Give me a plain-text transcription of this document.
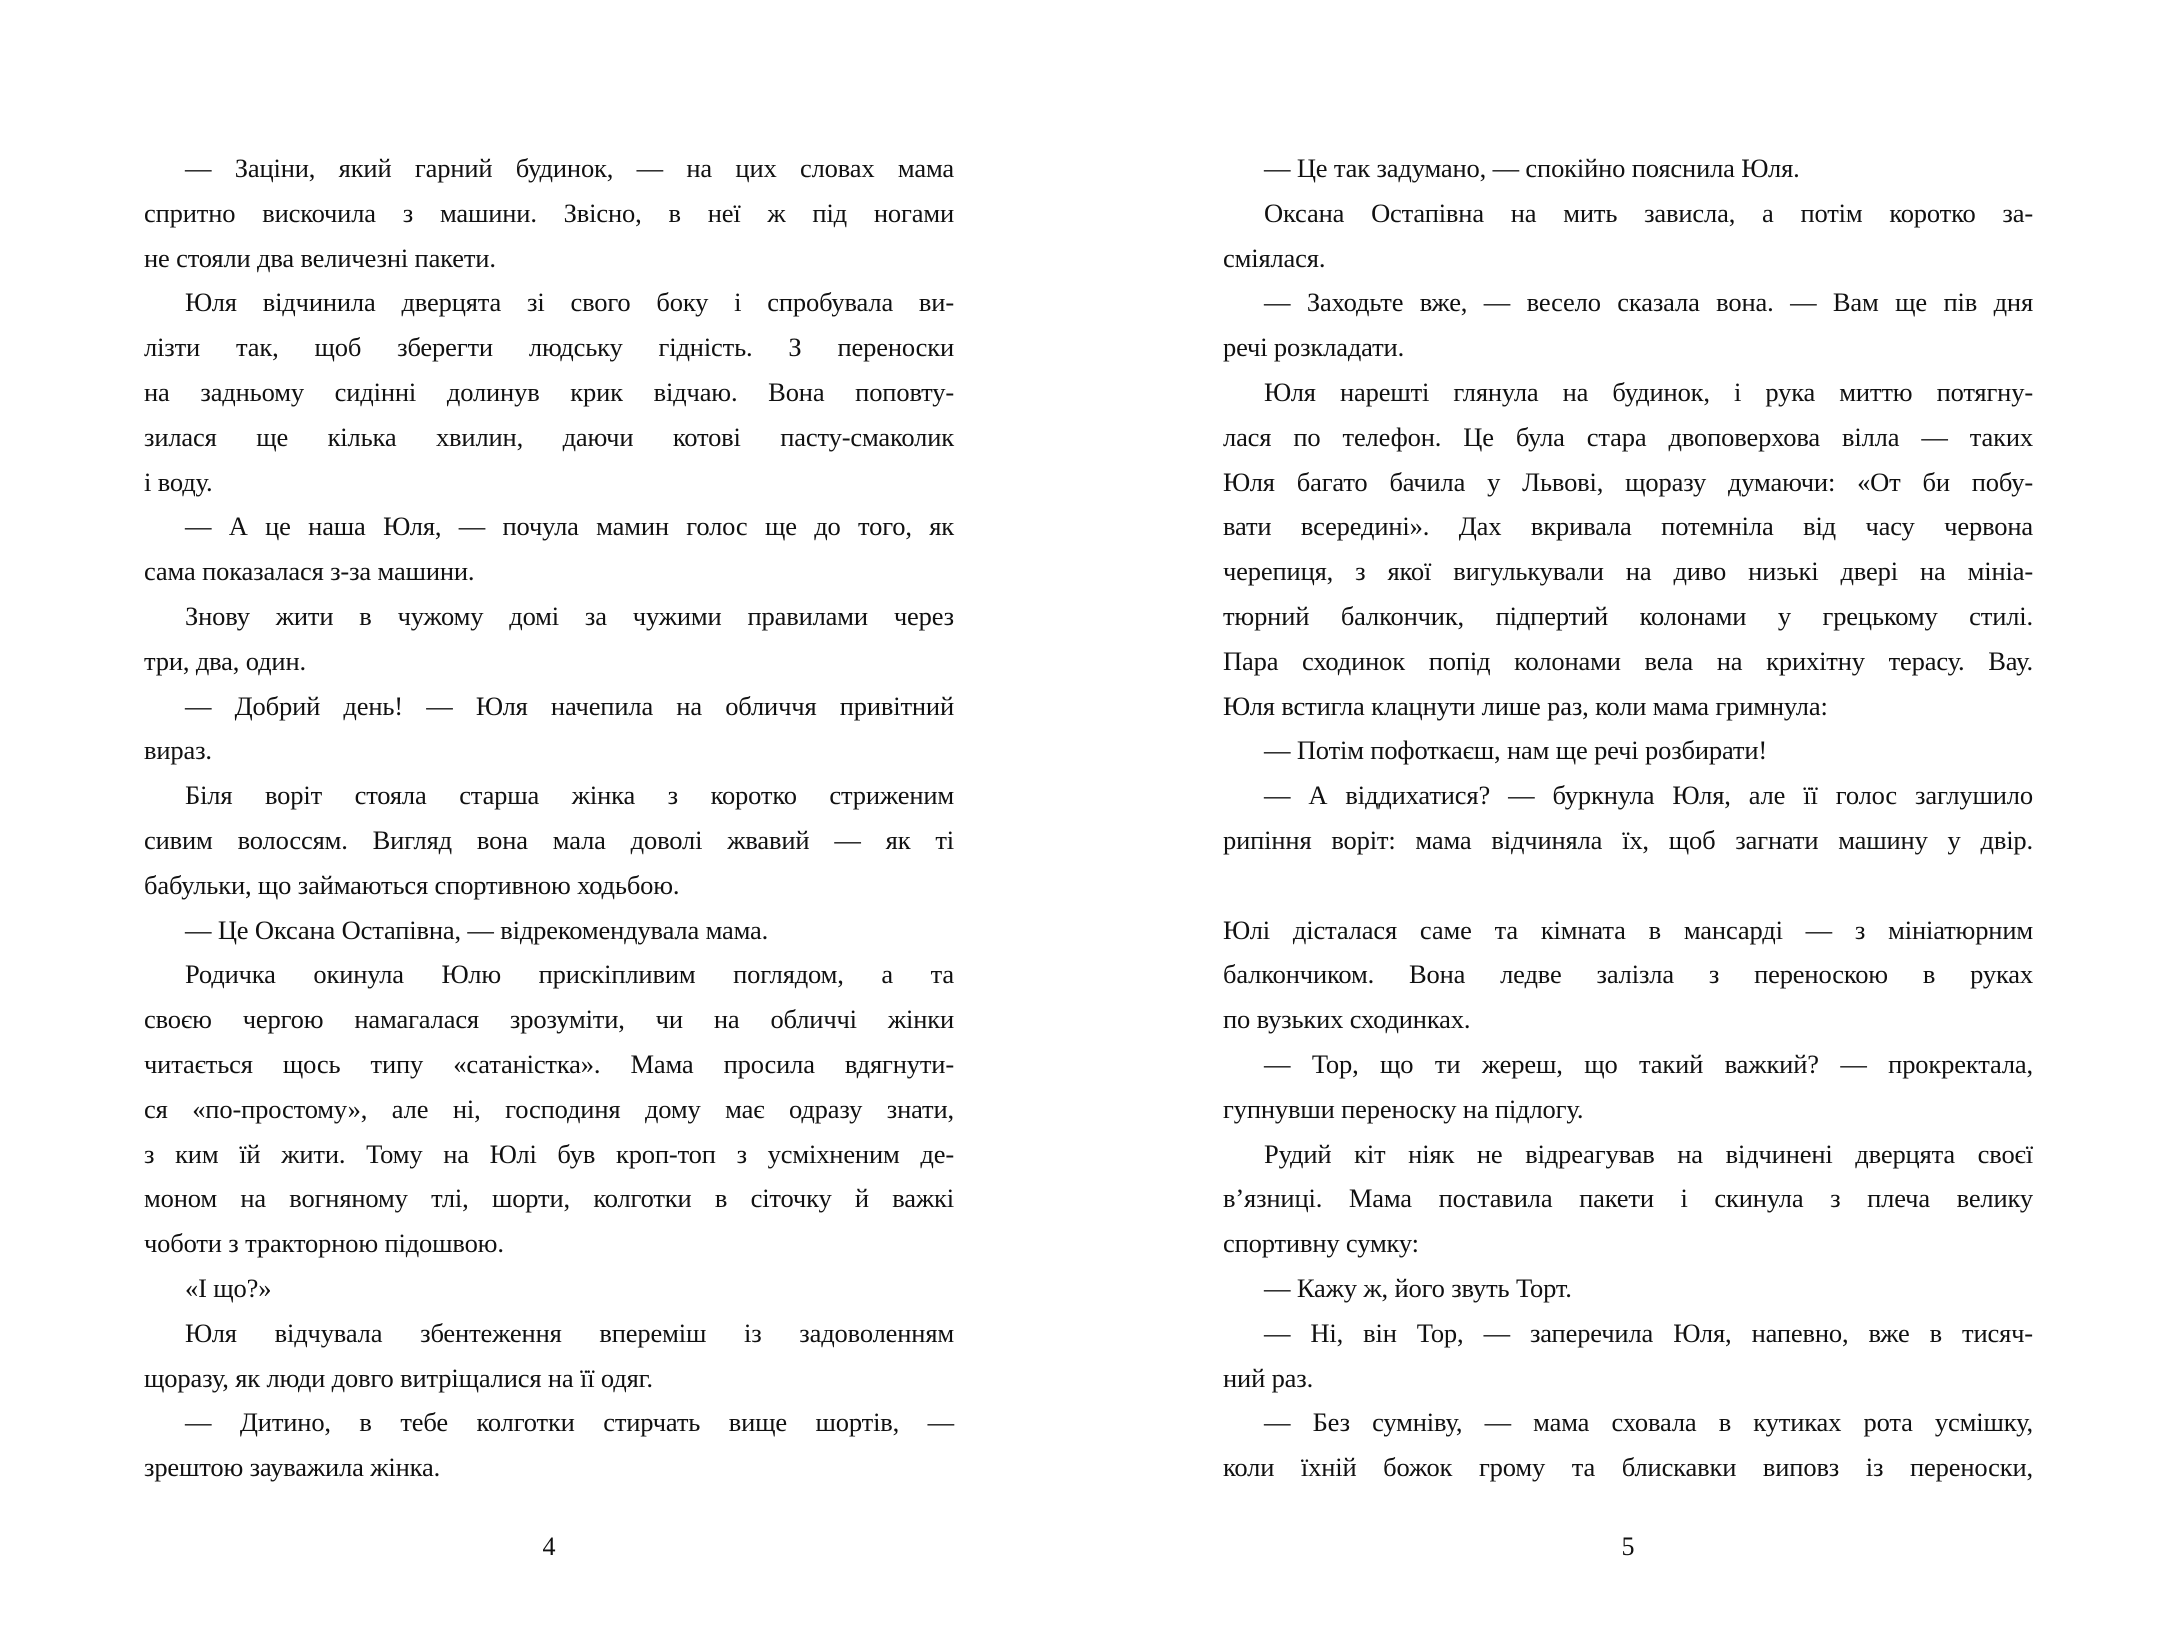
— Заціни, який гарний будинок, — на цих словах мама
спритно вискочила з машини. Звісно, в неї ж під ногами
не стояли два величезні пакети.
Юля відчинила дверцята зі свого боку і спробувала ви-
лізти так, щоб зберегти людську гідність. З переноски
на задньому сидінні долинув крик відчаю. Вона поповту-
зилася ще кілька хвилин, даючи котові пасту-смаколик
і воду.
— А це наша Юля, — почула мамин голос ще до того, як
сама показалася з-за машини.
Знову жити в чужому домі за чужими правилами через
три, два, один.
— Добрий день! — Юля начепила на обличчя привітний
вираз.
Біля воріт стояла старша жінка з коротко стриженим
сивим волоссям. Вигляд вона мала доволі жвавий — як ті
бабульки, що займаються спортивною ходьбою.
— Це Оксана Остапівна, — відрекомендувала мама.
Родичка окинула Юлю прискіпливим поглядом, а та
своєю чергою намагалася зрозуміти, чи на обличчі жінки
читається щось типу «сатаністка». Мама просила вдягнути-
ся «по-простому», але ні, господиня дому має одразу знати,
з ким їй жити. Тому на Юлі був кроп-топ з усміхненим де-
моном на вогняному тлі, шорти, колготки в сіточку й важкі
чоботи з тракторною підошвою.
«І що?»
Юля відчувала збентеження впереміш із задоволенням
щоразу, як люди довго витріщалися на її одяг.
— Дитино, в тебе колготки стирчать вище шортів, —
зрештою зауважила жінка.
4
— Це так задумано, — спокійно пояснила Юля.
Оксана Остапівна на мить зависла, а потім коротко за-
сміялася.
— Заходьте вже, — весело сказала вона. — Вам ще пів дня
речі розкладати.
Юля нарешті глянула на будинок, і рука миттю потягну-
лася по телефон. Це була стара двоповерхова вілла — таких
Юля багато бачила у Львові, щоразу думаючи: «От би побу-
вати всередині». Дах вкривала потемніла від часу червона
черепиця, з якої вигулькували на диво низькі двері на мініа-
тюрний балкончик, підпертий колонами у грецькому стилі.
Пара сходинок попід колонами вела на крихітну терасу. Вау.
Юля встигла клацнути лише раз, коли мама гримнула:
— Потім пофоткаєш, нам ще речі розбирати!
— А віддихатися? — буркнула Юля, але її голос заглушило
рипіння воріт: мама відчиняла їх, щоб загнати машину у двір.
Юлі дісталася саме та кімната в мансарді — з мініатюрним
балкончиком. Вона ледве залізла з переноскою в руках
по вузьких сходинках.
— Тор, що ти жереш, що такий важкий? — прокректала,
гупнувши переноску на підлогу.
Рудий кіт ніяк не відреагував на відчинені дверцята своєї
в’язниці. Мама поставила пакети і скинула з плеча велику
спортивну сумку:
— Кажу ж, його звуть Торт.
— Ні, він Тор, — заперечила Юля, напевно, вже в тисяч-
ний раз.
— Без сумніву, — мама сховала в кутиках рота усмішку,
коли їхній божок грому та блискавки виповз із переноски,
5
